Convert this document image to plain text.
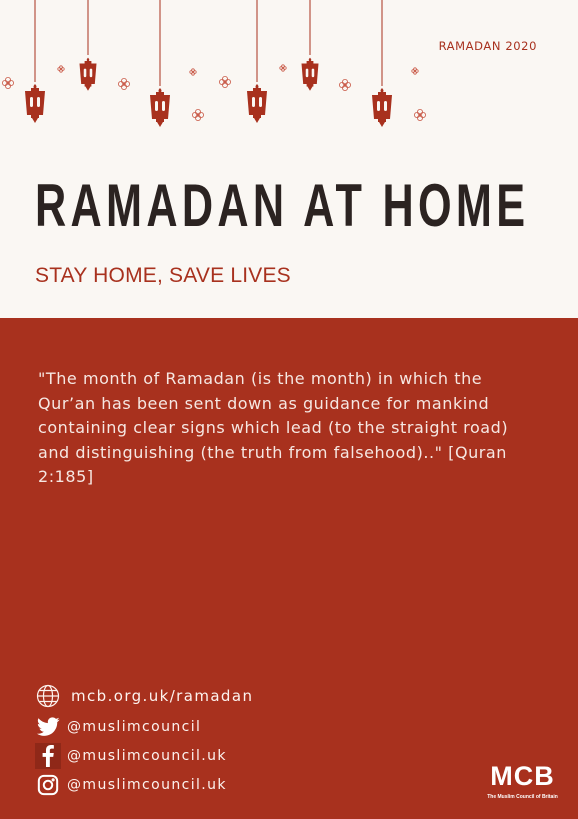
RAMADAN 2020
RAMADAN AT HOME
STAY HOME, SAVE LIVES
"The month of Ramadan (is the month) in which the
Qur’an has been sent down as guidance for mankind
containing clear signs which lead (to the straight road)
and distinguishing (the truth from falsehood).." [Quran
2:185]
mcb.org.uk/ramadan
@muslimcouncil
@muslimcouncil.uk
@muslimcouncil.uk	MCB
The Muslim Council of Britain
